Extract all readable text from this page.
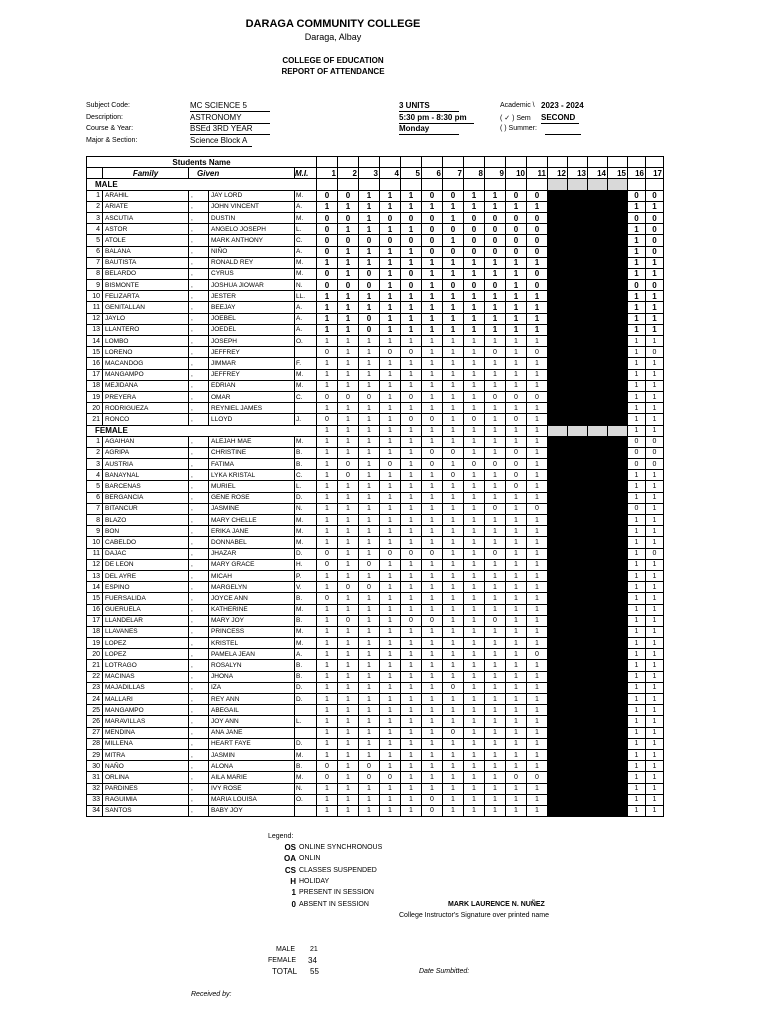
DARAGA COMMUNITY COLLEGE
Daraga, Albay
COLLEGE OF EDUCATION
REPORT OF ATTENDANCE
Subject Code:	MC SCIENCE 5
Description:	ASTRONOMY
Course & Year:	BSEd 3RD YEAR
Major & Section:	Science Block A
3 UNITS
5:30 pm - 8:30 pm
Monday
Academic \ 2023 - 2024
( ✓ ) Sem SECOND
( ) Summer:
Students Name																					
	Family	Given		M.I.	1	2	3	4	5	6	7	8	9	10	11	12	13	14	15	16	17
MALE																					
1	ARAHIL	,	JAY LORD	M.	0	0	1	1	1	0	0	1	1	0	0	0				0	0
2	ARIATE	,	JOHN VINCENT	A.	1	1	1	1	1	1	1	1	1	1	1	1				1	1
3	ASCUTIA	,	DUSTIN	M.	0	0	1	0	0	0	1	0	0	0	0	0				0	0
4	ASTOR	,	ANGELO JOSEPH	L.	0	1	1	1	1	0	0	0	0	0	0	0				1	0
5	ATOLE	,	MARK ANTHONY	C.	0	0	0	0	0	0	1	0	0	0	0	0				1	0
6	BALANA	,	NIÑO	A.	0	1	1	1	1	0	0	0	0	0	0	1				1	0
7	BAUTISTA	,	RONALD REY	M.	1	1	1	1	1	1	1	1	1	1	1	1				1	1
8	BELARDO	,	CYRUS	M.	0	1	0	1	0	1	1	1	1	1	0	0				1	1
9	BISMONTE	,	JOSHUA JIOWAR	N.	0	0	0	1	0	1	0	0	0	1	0	1				0	0
10	FELIZARTA	,	JESTER	LL.	1	1	1	1	1	1	1	1	1	1	1	1				1	1
11	GENITALLAN	,	BEEJAY	A.	1	1	1	1	1	1	1	1	1	1	1	1				1	1
12	JAYLO	,	JOEBEL	A.	1	1	0	1	1	1	1	1	1	1	1	1				1	1
13	LLANTERO	,	JOEDEL	A.	1	1	0	1	1	1	1	1	1	1	1	1				1	1
14	LOMBO	,	JOSEPH	O.	1	1	1	1	1	1	1	1	1	1	1	1				1	1
15	LORENO	,	JEFFREY		0	1	1	0	0	1	1	1	0	1	0					1	0
16	MACANDOG	,	JIMMAR	F.	1	1	1	1	1	1	1	1	1	1	1					1	1
17	MANGAMPO	,	JEFFREY	M.	1	1	1	1	1	1	1	1	1	1	1					1	1
18	MEJIDANA	,	EDRIAN	M.	1	1	1	1	1	1	1	1	1	1	1					1	1
19	PREYERA	,	OMAR	C.	0	0	0	1	0	1	1	1	0	0	0					1	1
20	RODRIGUEZA	,	REYNIEL JAMES		1	1	1	1	1	1	1	1	1	1	1					1	1
21	RONCO	,	LLOYD	J.	0	1	1	1	0	0	1	0	1	0	1					1	1
FEMALE					1	1	1	1	1	1	1	1	1	1	1					1	1
1	AGAIHAN	,	ALEJAH MAE	M.	1	1	1	1	1	1	1	1	1	1	1					0	0
2	AGRIPA	,	CHRISTINE	B.	1	1	1	1	1	0	0	1	1	0	1					0	0
3	AUSTRIA	,	FATIMA	B.	1	0	1	0	1	0	1	0	0	0	1					0	0
4	BANAYNAL	,	LYKA KRISTAL	C.	1	0	1	1	1	1	0	1	1	0	1					1	1
5	BARCENAS	,	MURIEL	L.	1	1	1	1	1	1	1	1	1	0	1					1	1
6	BERGANCIA	,	GENE ROSE	D.	1	1	1	1	1	1	1	1	1	1	1					1	1
7	BITANCUR	,	JASMINE	N.	1	1	1	1	1	1	1	1	0	1	0					0	1
8	BLAZO	,	MARY CHELLE	M.	1	1	1	1	1	1	1	1	1	1	1					1	1
9	BON	,	ERIKA JANE	M.	1	1	1	1	1	1	1	1	1	1	1					1	1
10	CABELDO	,	DONNABEL	M.	1	1	1	1	1	1	1	1	1	1	1					1	1
11	DAJAC	,	JHAZAR	D.	0	1	1	0	0	0	1	1	0	1	1					1	0
12	DE LEON	,	MARY GRACE	H.	0	1	0	1	1	1	1	1	1	1	1					1	1
13	DEL AYRE	,	MICAH	P.	1	1	1	1	1	1	1	1	1	1	1					1	1
14	ESPINO	,	MARGELYN	V.	1	0	0	1	1	1	1	1	1	1	1					1	1
15	FUERSALIDA	,	JOYCE ANN	B.	0	1	1	1	1	1	1	1	1	1	1					1	1
16	GUERUELA	,	KATHERINE	M.	1	1	1	1	1	1	1	1	1	1	1					1	1
17	LLANDELAR	,	MARY JOY	B.	1	0	1	1	0	0	1	1	0	1	1					1	1
18	LLAVANES	,	PRINCESS	M.	1	1	1	1	1	1	1	1	1	1	1					1	1
19	LOPEZ	,	KRISTEL	M.	1	1	1	1	1	1	1	1	1	1	1					1	1
20	LOPEZ	,	PAMELA JEAN	A.	1	1	1	1	1	1	1	1	1	1	0					1	1
21	LOTRAGO	,	ROSALYN	B.	1	1	1	1	1	1	1	1	1	1	1					1	1
22	MACINAS	,	JHONA	B.	1	1	1	1	1	1	1	1	1	1	1					1	1
23	MAJADILLAS	,	IZA	D.	1	1	1	1	1	1	0	1	1	1	1					1	1
24	MALLARI	,	REY ANN	D.	1	1	1	1	1	1	1	1	1	1	1					1	1
25	MANGAMPO	,	ABEGAIL		1	1	1	1	1	1	1	1	1	1	1					1	1
26	MARAVILLAS	,	JOY ANN	L.	1	1	1	1	1	1	1	1	1	1	1					1	1
27	MENDINA	,	ANA JANE		1	1	1	1	1	1	0	1	1	1	1					1	1
28	MILLENA	,	HEART FAYE	D.	1	1	1	1	1	1	1	1	1	1	1					1	1
29	MITRA	,	JASMIN	M.	1	1	1	1	1	1	1	1	1	1	1					1	1
30	NAÑO	,	ALONA	B.	0	1	0	1	1	1	1	1	1	1	1					1	1
31	ORLINA	,	AILA MARIE	M.	0	1	0	0	1	1	1	1	1	0	0					1	1
32	PARDINES	,	IVY ROSE	N.	1	1	1	1	1	1	1	1	1	1	1					1	1
33	RAGUIMIA	,	MARIA LOUISA	O.	1	1	1	1	1	0	1	1	1	1	1					1	1
34	SANTOS	,	BABY JOY		1	1	1	1	1	0	1	1	1	1	1					1	1
Legend:
OS ONLINE SYNCHRONOUS
OA ONLIN
CS CLASSES SUSPENDED
H HOLIDAY
1 PRESENT IN SESSION
0 ABSENT IN SESSION	MARK LAURENCE N. NUÑEZ
College Instructor's Signature over printed name
MALE 21
FEMALE 34
TOTAL 55	Date Sumbitted:
Received by:
